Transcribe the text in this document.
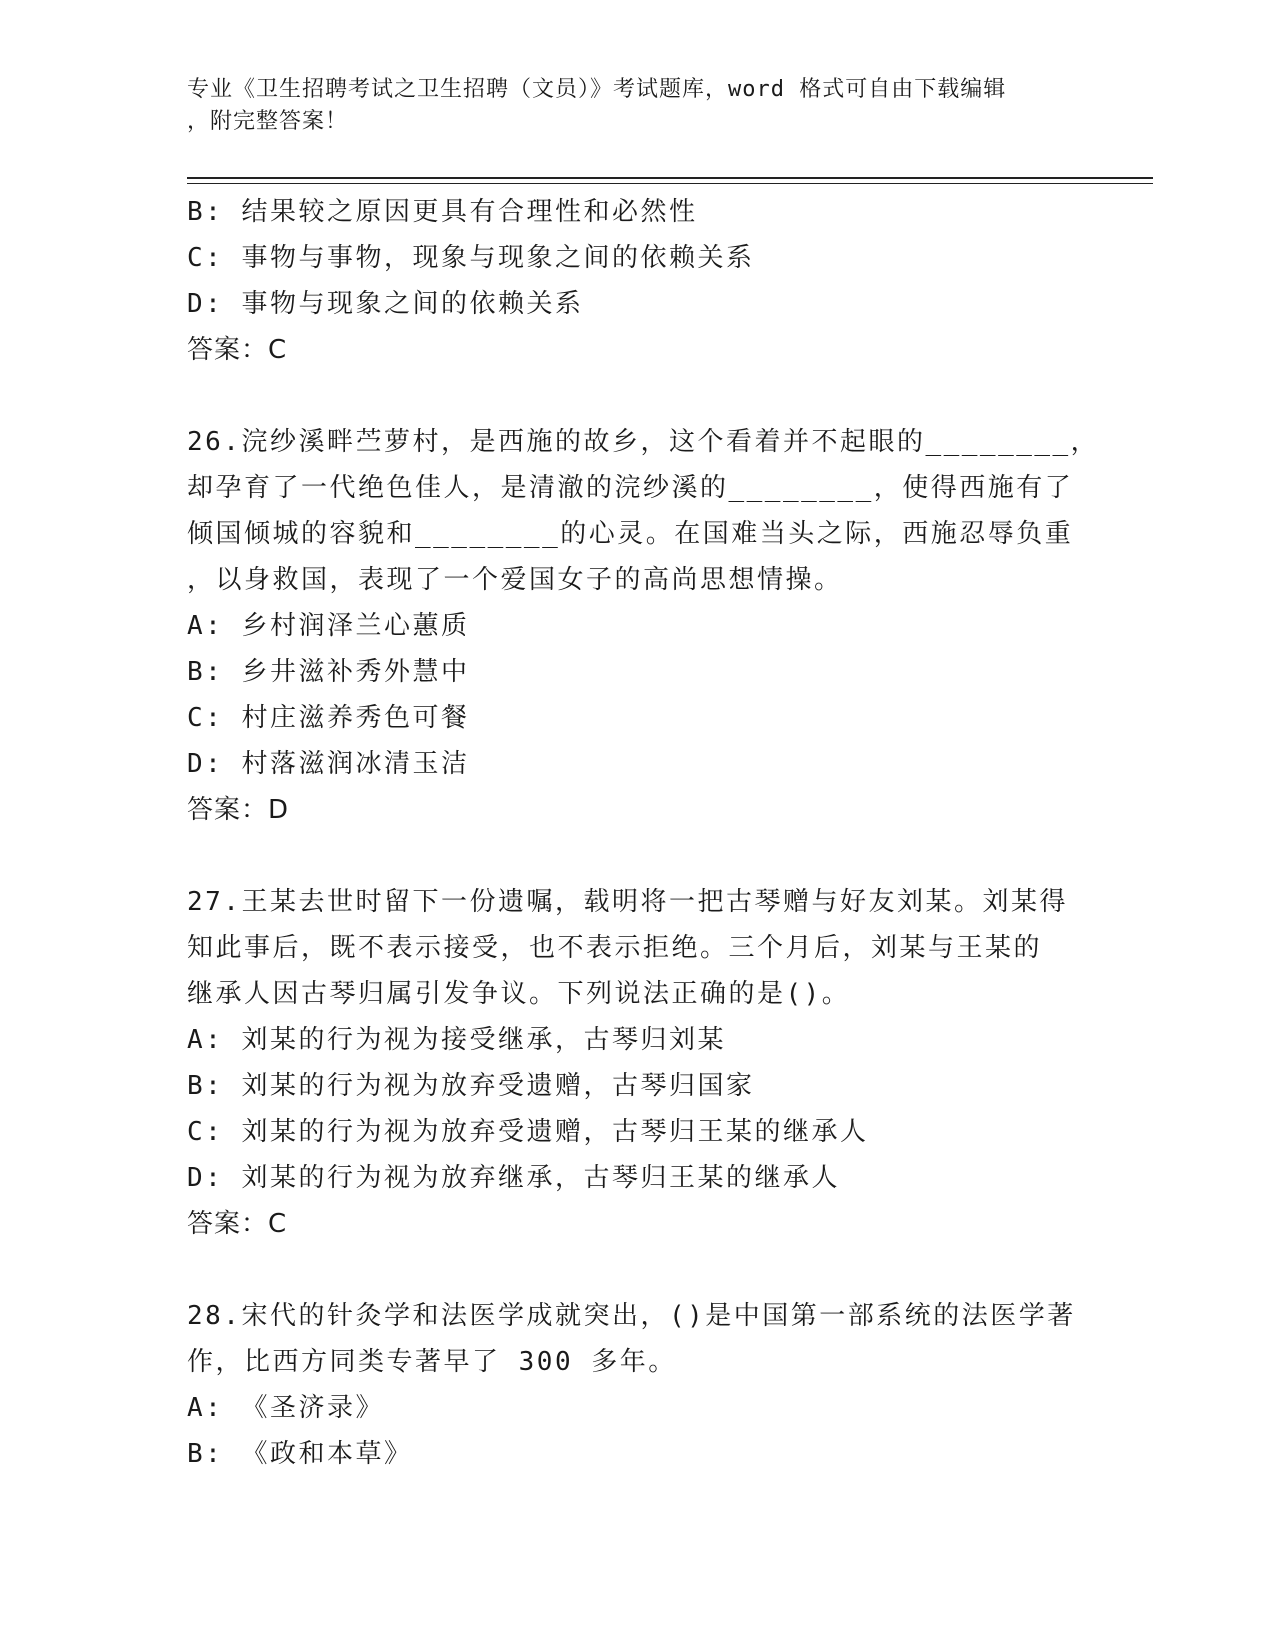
专业《卫生招聘考试之卫生招聘（文员）》考试题库，word 格式可自由下载编辑
，附完整答案！
B: 结果较之原因更具有合理性和必然性
C: 事物与事物，现象与现象之间的依赖关系
D: 事物与现象之间的依赖关系
答案：C
26.浣纱溪畔苎萝村，是西施的故乡，这个看着并不起眼的________，
却孕育了一代绝色佳人，是清澈的浣纱溪的________，使得西施有了
倾国倾城的容貌和________的心灵。在国难当头之际，西施忍辱负重
，以身救国，表现了一个爱国女子的高尚思想情操。
A: 乡村润泽兰心蕙质
B: 乡井滋补秀外慧中
C: 村庄滋养秀色可餐
D: 村落滋润冰清玉洁
答案：D
27.王某去世时留下一份遗嘱，载明将一把古琴赠与好友刘某。刘某得
知此事后，既不表示接受，也不表示拒绝。三个月后，刘某与王某的
继承人因古琴归属引发争议。下列说法正确的是()。
A: 刘某的行为视为接受继承，古琴归刘某
B: 刘某的行为视为放弃受遗赠，古琴归国家
C: 刘某的行为视为放弃受遗赠，古琴归王某的继承人
D: 刘某的行为视为放弃继承，古琴归王某的继承人
答案：C
28.宋代的针灸学和法医学成就突出，()是中国第一部系统的法医学著
作，比西方同类专著早了 300 多年。
A: 《圣济录》
B: 《政和本草》
